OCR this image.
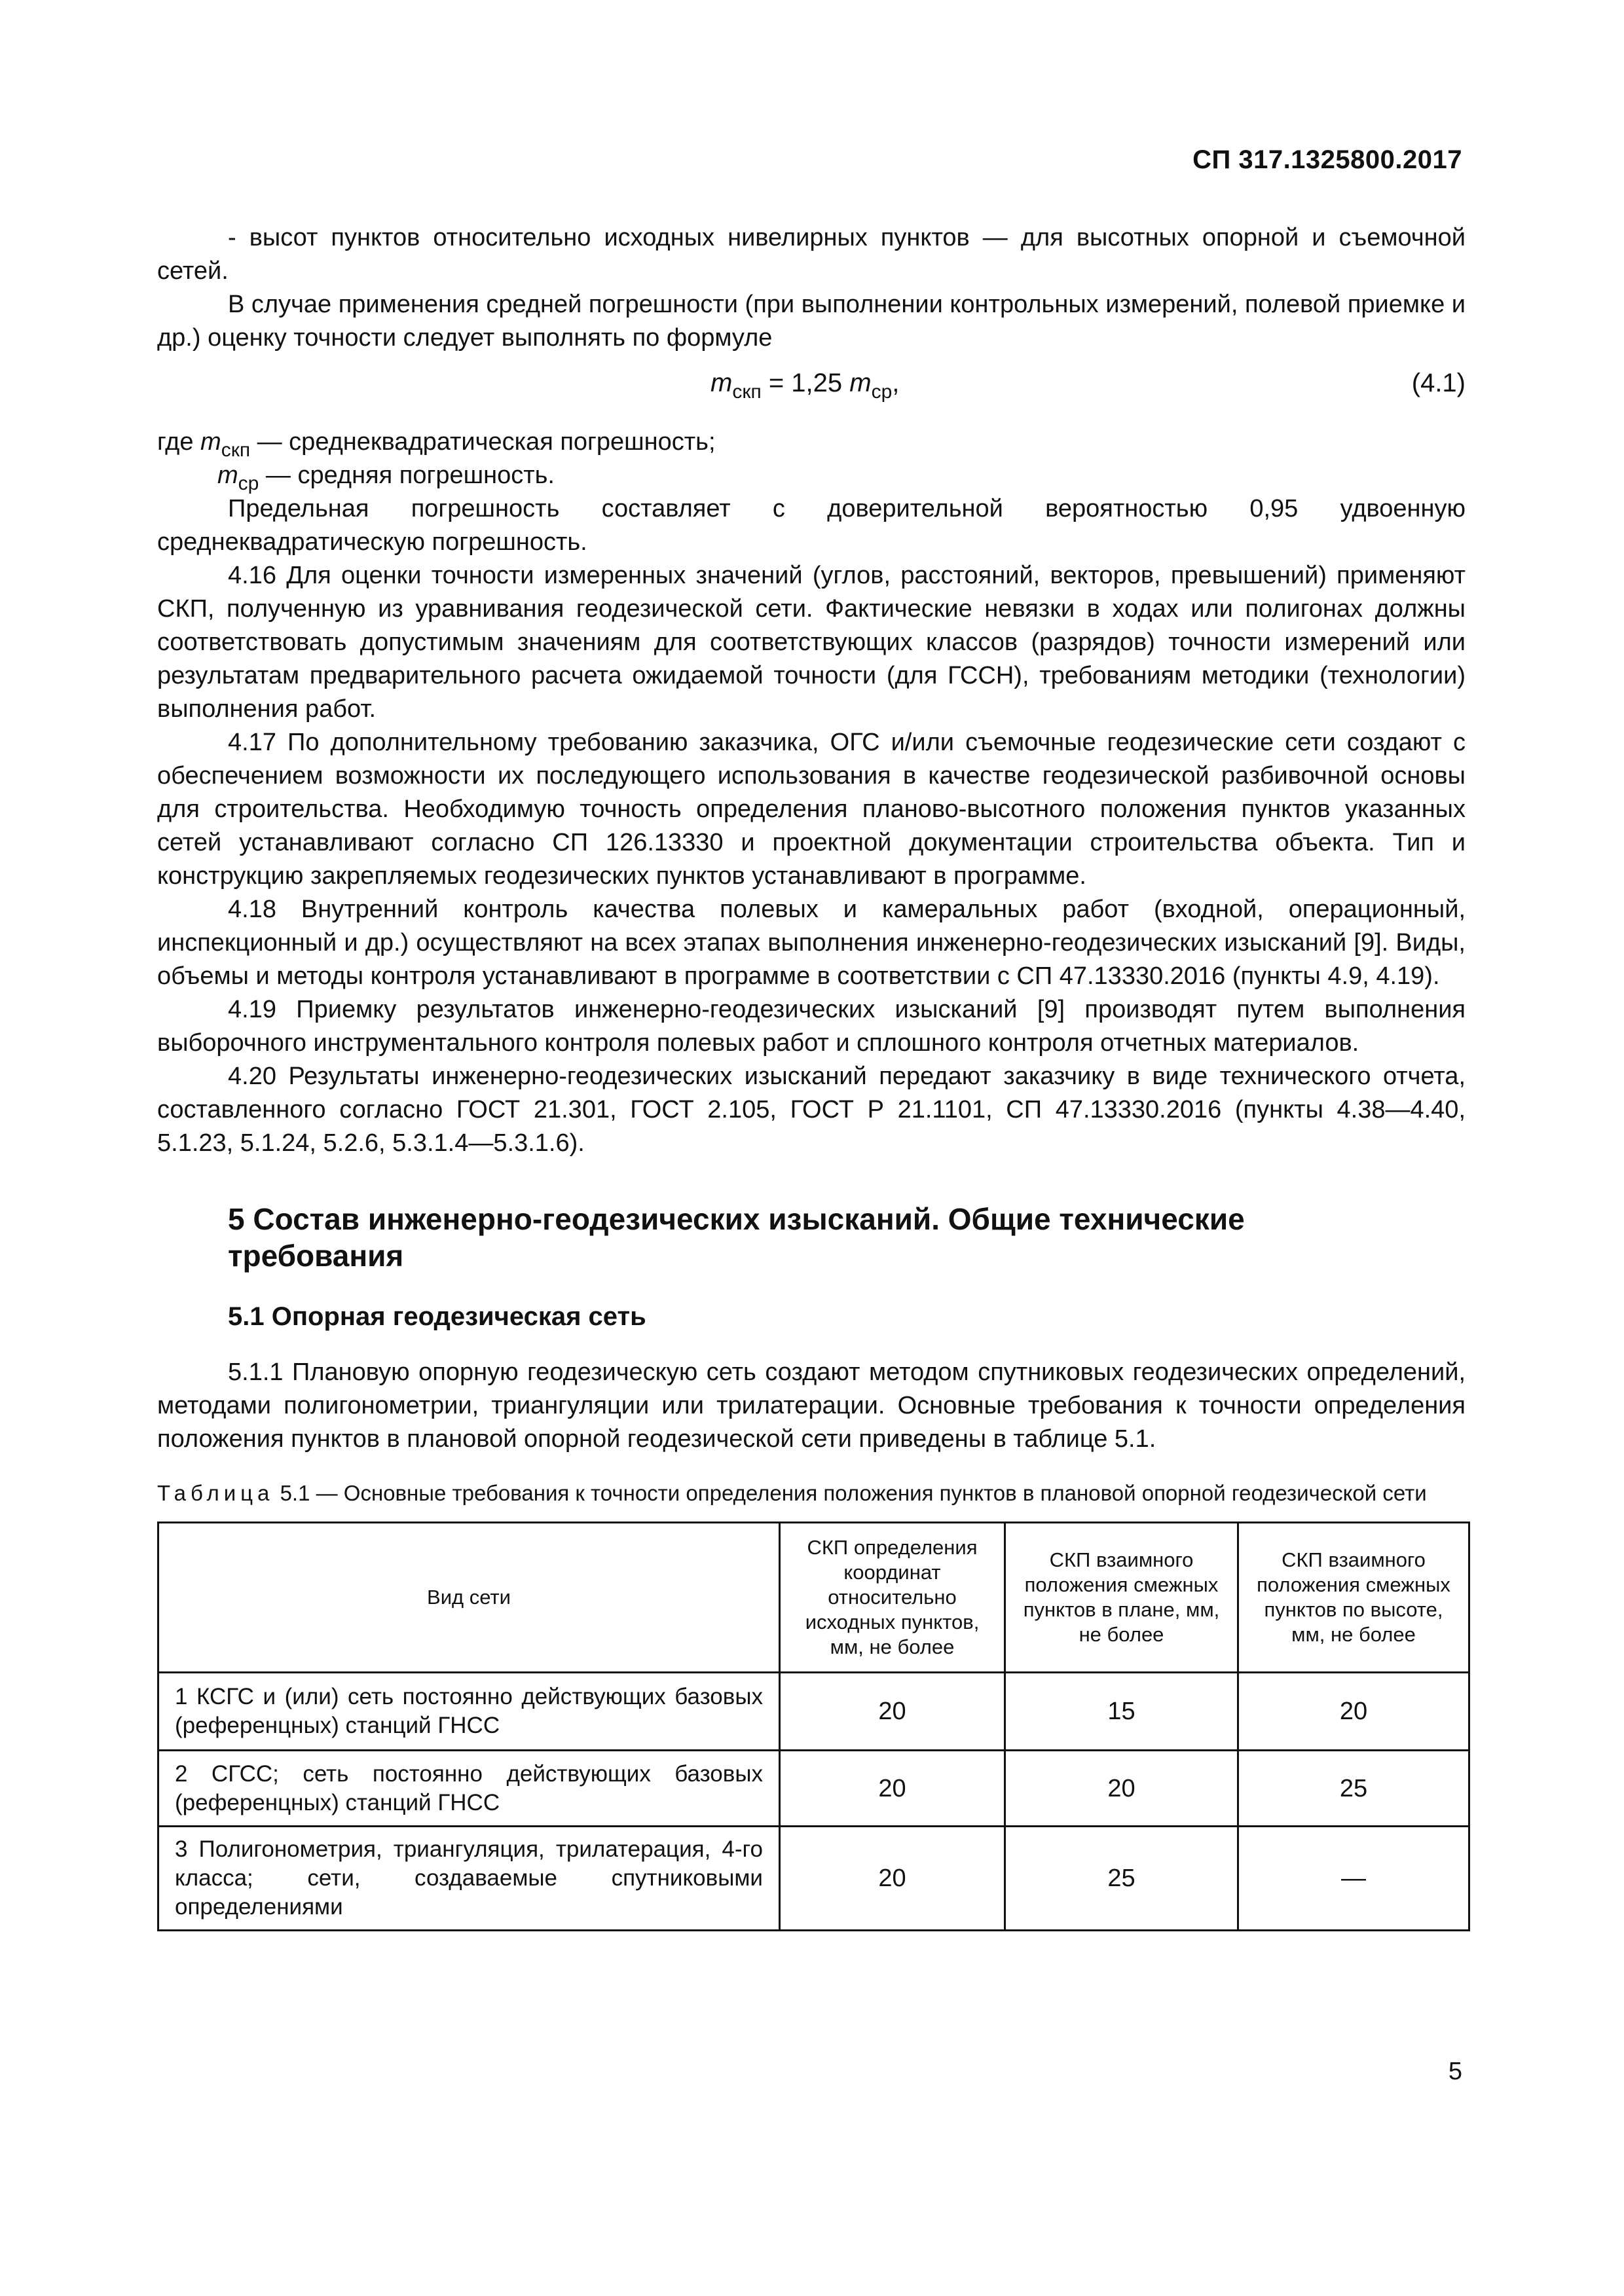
СП 317.1325800.2017

- высот пунктов относительно исходных нивелирных пунктов — для высотных опорной и съемочной сетей.

В случае применения средней погрешности (при выполнении контрольных измерений, полевой приемке и др.) оценку точности следует выполнять по формуле

$m_{скп} = 1,25$ $m_{ср}$,	(4.1)
где $m_{скп}$ — среднеквадратическая погрешность;
$m_{ср}$ — средняя погрешность.

Предельная погрешность составляет с доверительной вероятностью 0,95 удвоенную среднеквадратическую погрешность.

4.16 Для оценки точности измеренных значений (углов, расстояний, векторов, превышений) применяют СКП, полученную из уравнивания геодезической сети. Фактические невязки в ходах или полигонах должны соответствовать допустимым значениям для соответствующих классов (разрядов) точности измерений или результатам предварительного расчета ожидаемой точности (для ГССН), требованиям методики (технологии) выполнения работ.

4.17 По дополнительному требованию заказчика, ОГС и/или съемочные геодезические сети создают с обеспечением возможности их последующего использования в качестве геодезической разбивочной основы для строительства. Необходимую точность определения планово-высотного положения пунктов указанных сетей устанавливают согласно СП 126.13330 и проектной документации строительства объекта. Тип и конструкцию закрепляемых геодезических пунктов устанавливают в программе.

4.18 Внутренний контроль качества полевых и камеральных работ (входной, операционный, инспекционный и др.) осуществляют на всех этапах выполнения инженерно-геодезических изысканий [9]. Виды, объемы и методы контроля устанавливают в программе в соответствии с СП 47.13330.2016 (пункты 4.9, 4.19).

4.19 Приемку результатов инженерно-геодезических изысканий [9] производят путем выполнения выборочного инструментального контроля полевых работ и сплошного контроля отчетных материалов.

4.20 Результаты инженерно-геодезических изысканий передают заказчику в виде технического отчета, составленного согласно ГОСТ 21.301, ГОСТ 2.105, ГОСТ Р 21.1101, СП 47.13330.2016 (пункты 4.38—4.40, 5.1.23, 5.1.24, 5.2.6, 5.3.1.4—5.3.1.6).

5 Состав инженерно-геодезических изысканий. Общие технические требования
5.1 Опорная геодезическая сеть

5.1.1 Плановую опорную геодезическую сеть создают методом спутниковых геодезических определений, методами полигонометрии, триангуляции или трилатерации. Основные требования к точности определения положения пунктов в плановой опорной геодезической сети приведены в таблице 5.1.

Таблица 5.1 — Основные требования к точности определения положения пунктов в плановой опорной геодезической сети
Вид сети	СКП определения координат относительно исходных пунктов, мм, не более	СКП взаимного положения смежных пунктов в плане, мм, не более	СКП взаимного положения смежных пунктов по высоте, мм, не более
1 КСГС и (или) сеть постоянно действующих базовых (референцных) станций ГНСС	20	15	20
2 СГСС; сеть постоянно действующих базовых (референцных) станций ГНСС	20	20	25
3 Полигонометрия, триангуляция, трилатерация, 4-го класса; сети, создаваемые спутниковыми определениями	20	25	—
5
